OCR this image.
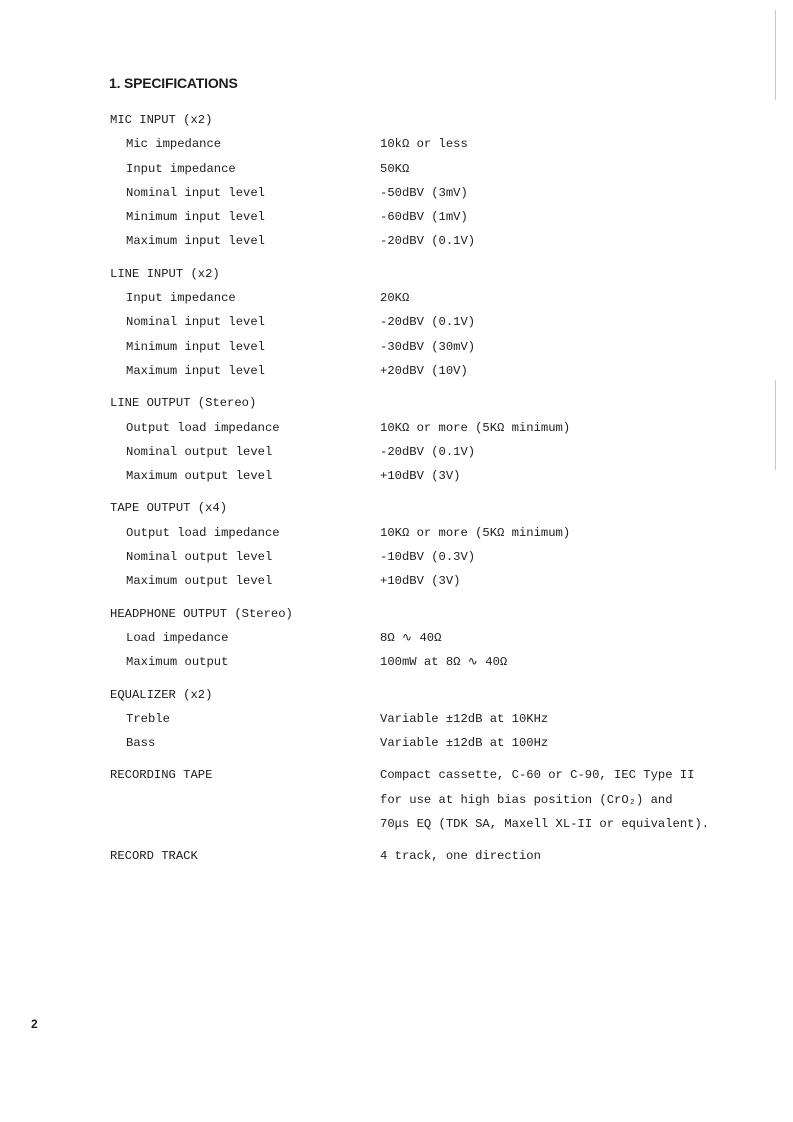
1. SPECIFICATIONS
MIC INPUT (x2)
Mic impedance	10kΩ or less
Input impedance	50KΩ
Nominal input level	-50dBV (3mV)
Minimum input level	-60dBV (1mV)
Maximum input level	-20dBV (0.1V)
LINE INPUT (x2)
Input impedance	20KΩ
Nominal input level	-20dBV (0.1V)
Minimum input level	-30dBV (30mV)
Maximum input level	+20dBV (10V)
LINE OUTPUT (Stereo)
Output load impedance	10KΩ or more (5KΩ minimum)
Nominal output level	-20dBV (0.1V)
Maximum output level	+10dBV (3V)
TAPE OUTPUT (x4)
Output load impedance	10KΩ or more (5KΩ minimum)
Nominal output level	-10dBV (0.3V)
Maximum output level	+10dBV (3V)
HEADPHONE OUTPUT (Stereo)
Load impedance	8Ω ∿ 40Ω
Maximum output	100mW at 8Ω ∿ 40Ω
EQUALIZER (x2)
Treble	Variable ±12dB at 10KHz
Bass	Variable ±12dB at 100Hz
RECORDING TAPE	Compact cassette, C-60 or C-90, IEC Type II
for use at high bias position (CrO₂) and
70μs EQ (TDK SA, Maxell XL-II or equivalent).
RECORD TRACK	4 track, one direction
2
